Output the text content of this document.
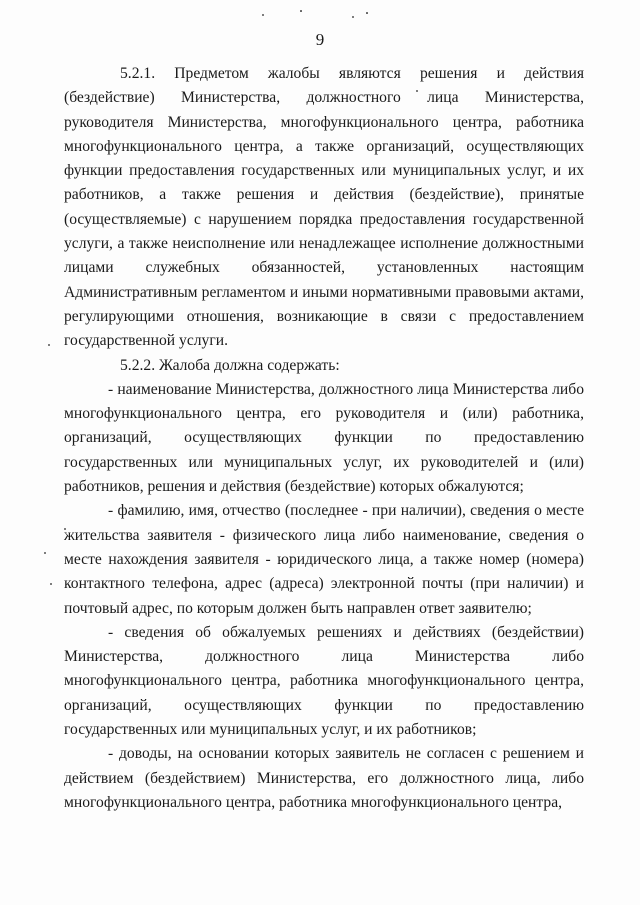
9

5.2.1. Предметом жалобы являются решения и действия (бездействие) Министерства, должностного лица Министерства, руководителя Министерства, многофункционального центра, работника многофункционального центра, а также организаций, осуществляющих функции предоставления государственных или муниципальных услуг, и их работников, а также решения и действия (бездействие), принятые (осуществляемые) с нарушением порядка предоставления государственной услуги, а также неисполнение или ненадлежащее исполнение должностными лицами служебных обязанностей, установленных настоящим Административным регламентом и иными нормативными правовыми актами, регулирующими отношения, возникающие в связи с предоставлением государственной услуги.

5.2.2. Жалоба должна содержать:

- наименование Министерства, должностного лица Министерства либо многофункционального центра, его руководителя и (или) работника, организаций, осуществляющих функции по предоставлению государственных или муниципальных услуг, их руководителей и (или) работников, решения и действия (бездействие) которых обжалуются;

- фамилию, имя, отчество (последнее - при наличии), сведения о месте жительства заявителя - физического лица либо наименование, сведения о месте нахождения заявителя - юридического лица, а также номер (номера) контактного телефона, адрес (адреса) электронной почты (при наличии) и почтовый адрес, по которым должен быть направлен ответ заявителю;

- сведения об обжалуемых решениях и действиях (бездействии) Министерства, должностного лица Министерства либо многофункционального центра, работника многофункционального центра, организаций, осуществляющих функции по предоставлению государственных или муниципальных услуг, и их работников;

- доводы, на основании которых заявитель не согласен с решением и действием (бездействием) Министерства, его должностного лица, либо многофункционального центра, работника многофункционального центра,
